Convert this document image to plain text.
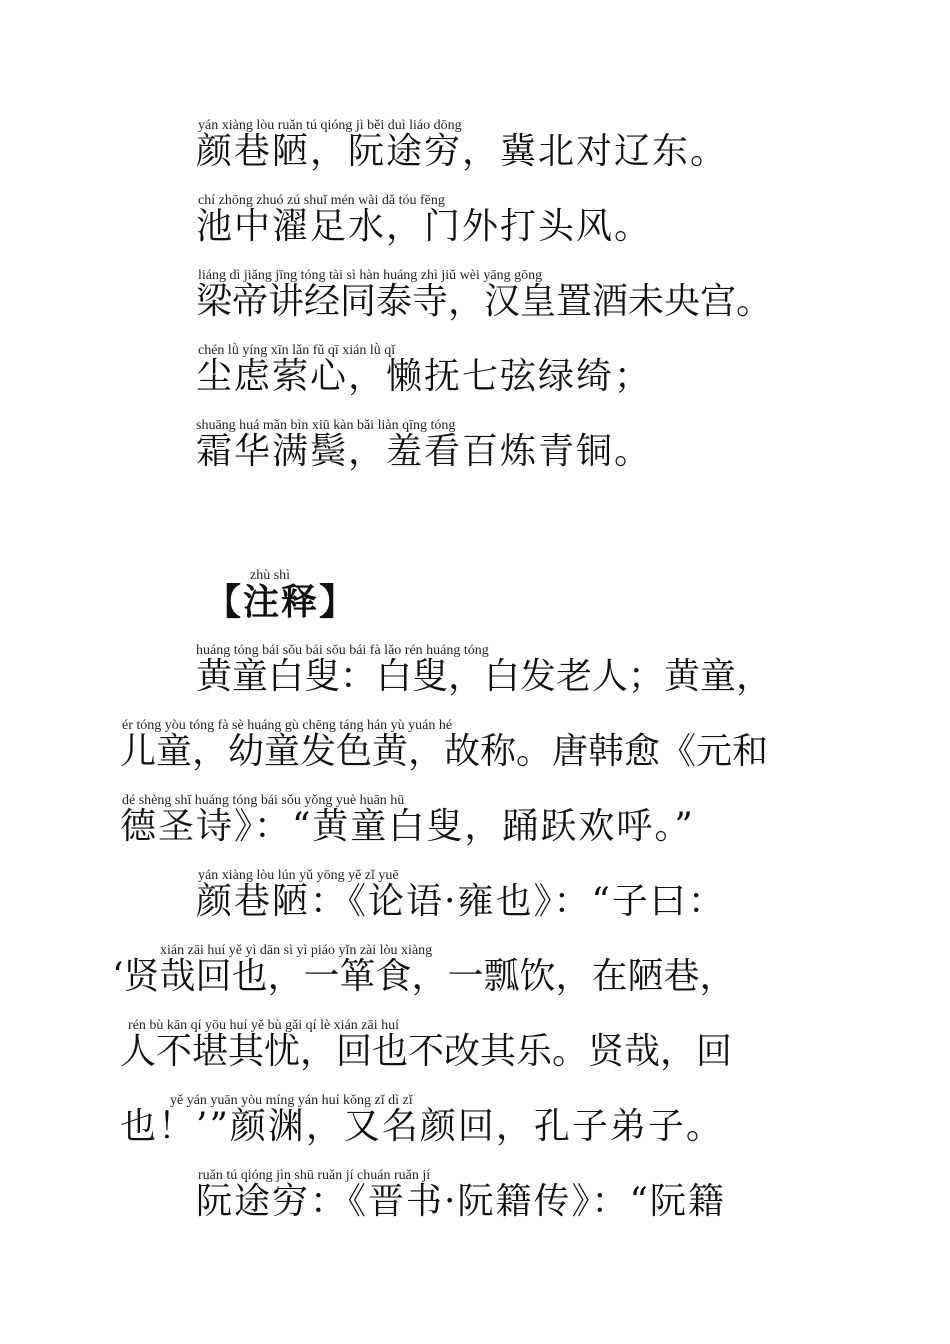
yán xiàng lòu ruǎn tú qióng jì běi duì liáo dōng
颜巷陋，阮途穷，冀北对辽东。
chí zhōng zhuó zú shuǐ mén wài dǎ tóu fēng
池中濯足水，门外打头风。
liáng dì jiǎng jīng tóng tài sì hàn huáng zhì jiǔ wèi yāng gōng
梁帝讲经同泰寺，汉皇置酒未央宫。
chén lǜ yíng xīn lǎn fǔ qī xián lǜ qǐ
尘虑萦心，懒抚七弦绿绮；
shuāng huá mǎn bìn xiū kàn bǎi liàn qīng tóng
霜华满鬓，羞看百炼青铜。
zhù shì
【注释】
huáng tóng bái sǒu bái sǒu bái fà lǎo rén huáng tóng
黄童白叟：白叟，白发老人；黄童，
ér tóng yòu tóng fà sè huáng gù chēng táng hán yù yuán hé
儿童，幼童发色黄，故称。唐韩愈《元和
dé shèng shī huáng tóng bái sǒu yǒng yuè huān hū
德圣诗》：“黄童白叟，踊跃欢呼。”
yán xiàng lòu lún yǔ yōng yě zǐ yuē
颜巷陋：《论语·雍也》：“子曰：
xián zāi huí yě yì dān sì yì piáo yǐn zài lòu xiàng
‘贤哉回也，一箪食，一瓢饮，在陋巷，
rén bù kān qí yōu huí yě bù gǎi qí lè xián zāi huí
人不堪其忧，回也不改其乐。贤哉，回
yě yán yuān yòu míng yán huí kǒng zǐ dì zǐ
也！’”颜渊，又名颜回，孔子弟子。
ruǎn tú qióng jìn shū ruǎn jí chuán ruǎn jí
阮途穷：《晋书·阮籍传》：“阮籍
